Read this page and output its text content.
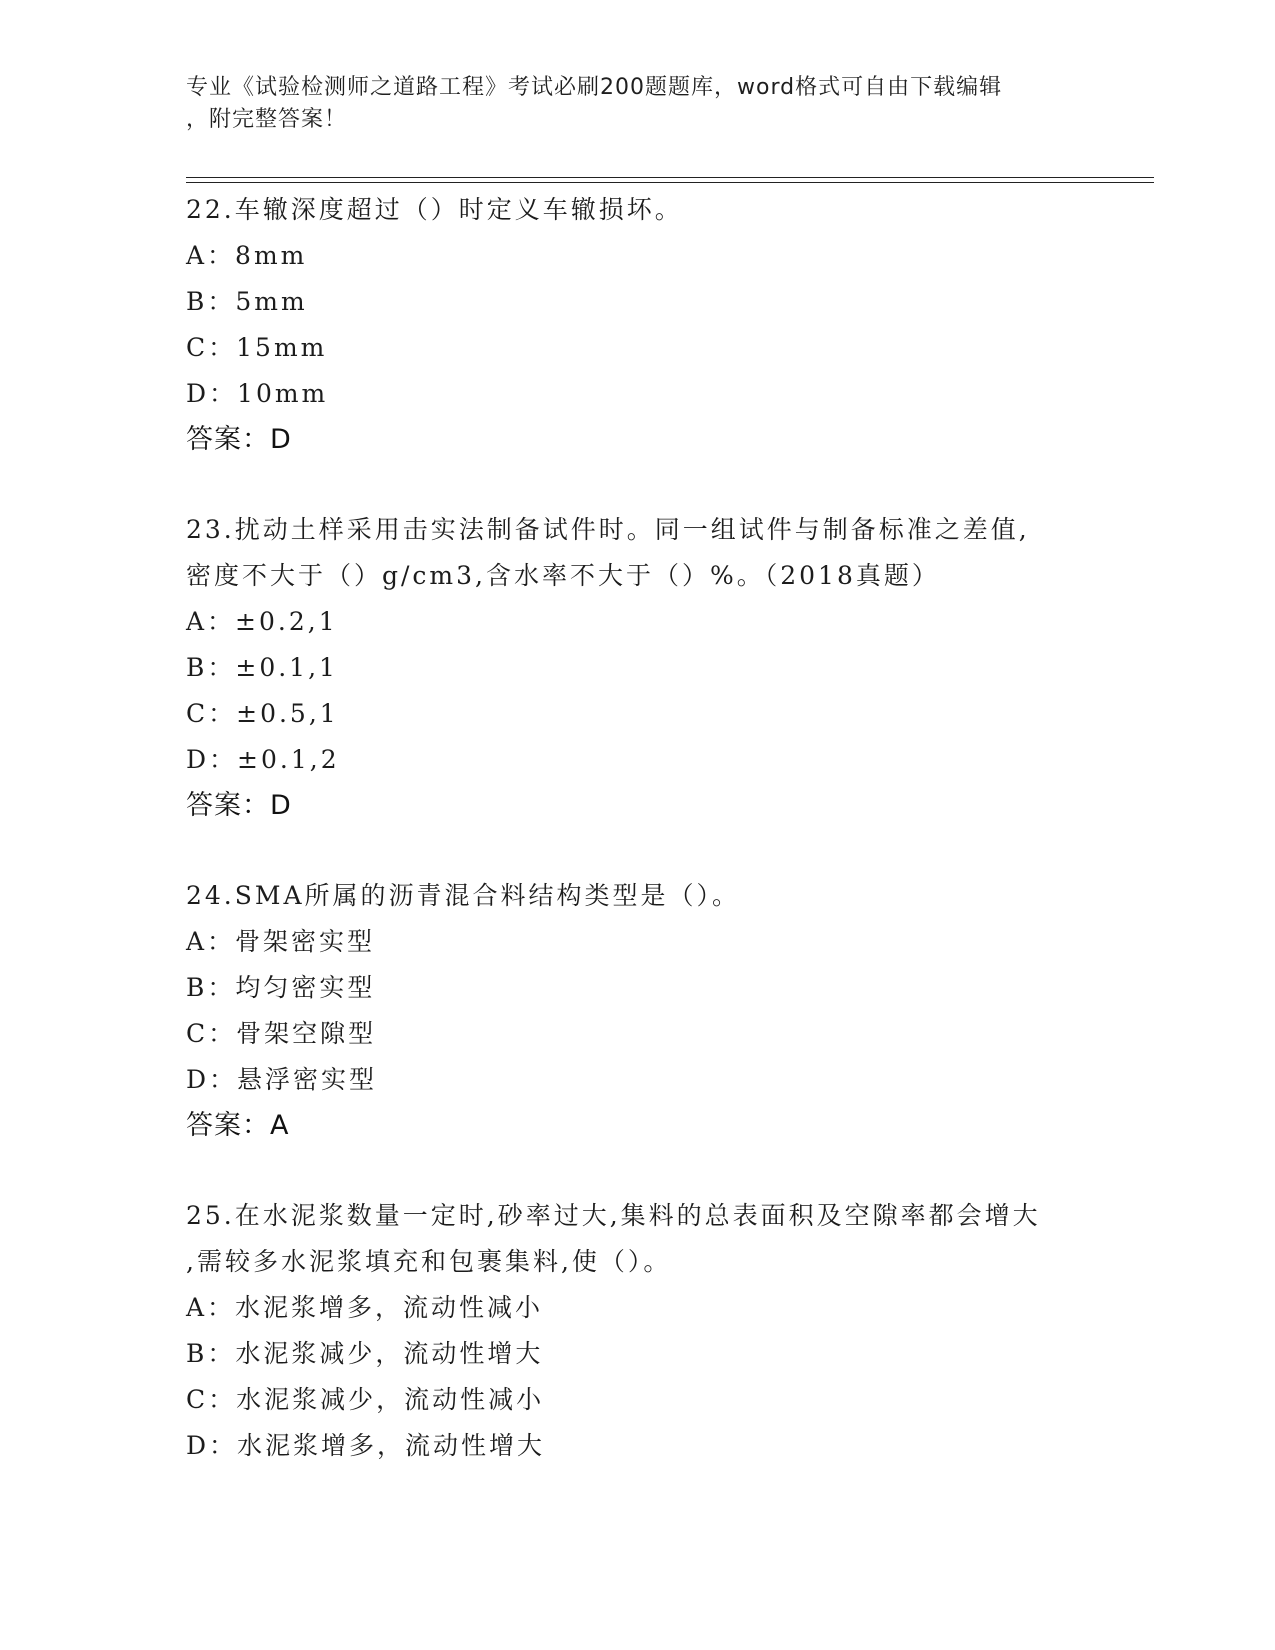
专业《试验检测师之道路工程》考试必刷200题题库，word格式可自由下载编辑
，附完整答案！
22.车辙深度超过（）时定义车辙损坏。
A：8mm
B：5mm
C：15mm
D：10mm
答案：D
23.扰动土样采用击实法制备试件时。同一组试件与制备标准之差值,
密度不大于（）g/cm3,含水率不大于（）%。（2018真题）
A：±0.2,1
B：±0.1,1
C：±0.5,1
D：±0.1,2
答案：D
24.SMA所属的沥青混合料结构类型是（）。
A：骨架密实型
B：均匀密实型
C：骨架空隙型
D：悬浮密实型
答案：A
25.在水泥浆数量一定时,砂率过大,集料的总表面积及空隙率都会增大
,需较多水泥浆填充和包裹集料,使（）。
A：水泥浆增多，流动性减小
B：水泥浆减少，流动性增大
C：水泥浆减少，流动性减小
D：水泥浆增多，流动性增大
